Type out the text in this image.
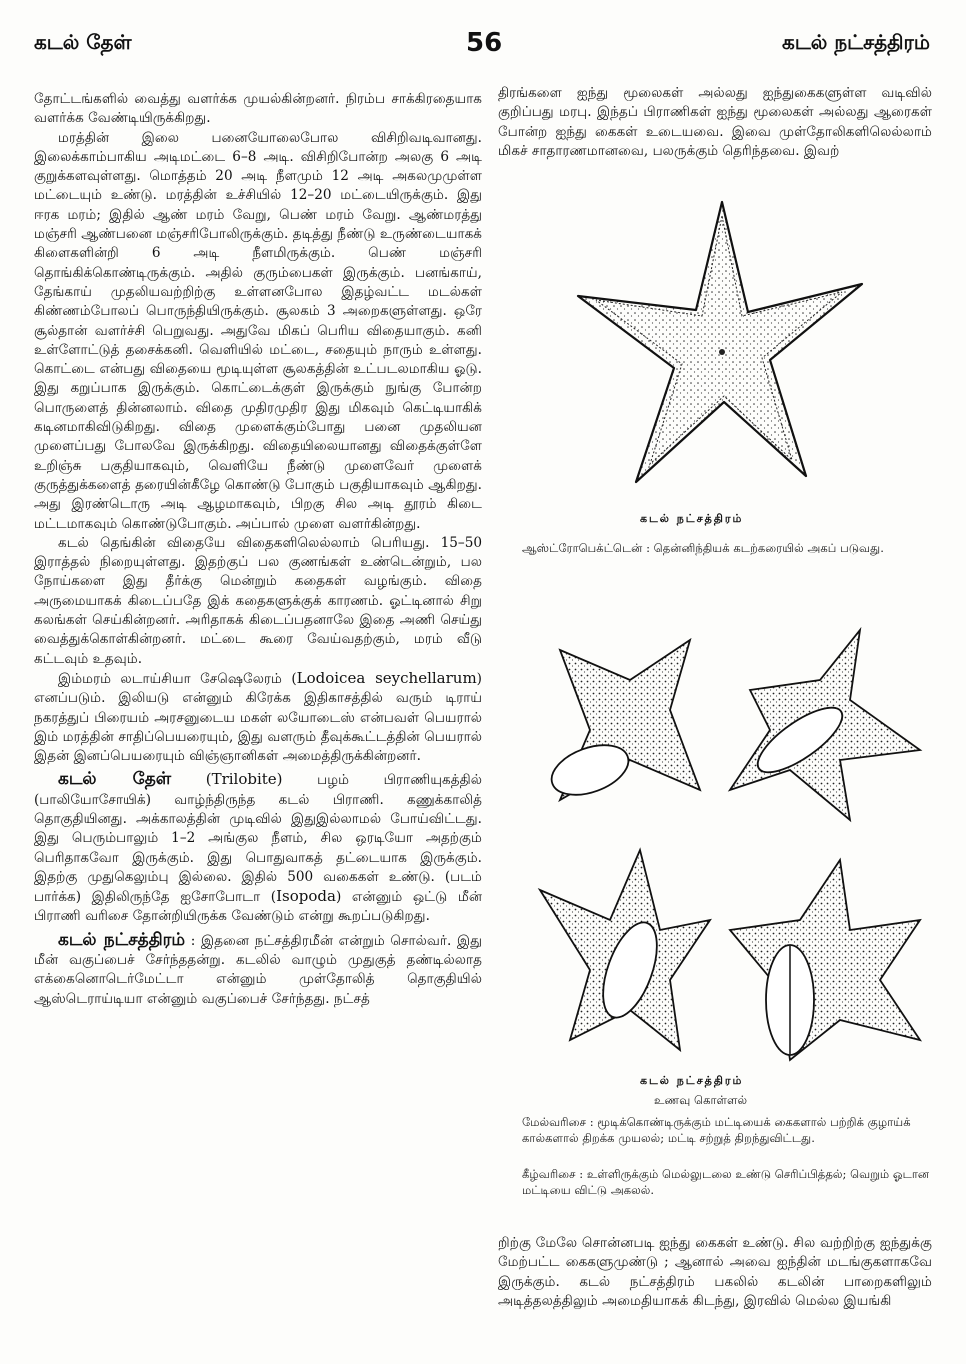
கடல் தேள்	56	கடல் நட்சத்திரம்

தோட்டங்களில் வைத்து வளர்க்க முயல்கின்றனர். நிரம்ப சாக்கிரதையாக வளர்க்க வேண்டியிருக்கிறது.

மரத்தின் இலை பனையோலைபோல விசிறிவடிவானது. இலைக்காம்பாகிய அடிமட்டை 6–8 அடி. விசிறிபோன்ற அலகு 6 அடி குறுக்களவுள்ளது. மொத்தம் 20 அடி நீளமும் 12 அடி அகலமுமுள்ள மட்டையும் உண்டு. மரத்தின் உச்சியில் 12–20 மட்டையிருக்கும். இது ஈரக மரம்; இதில் ஆண் மரம் வேறு, பெண் மரம் வேறு. ஆண்மரத்து மஞ்சரி ஆண்பனை மஞ்சரிபோலிருக்கும். தடித்து நீண்டு உருண்டையாகக் கிளைகளின்றி 6 அடி நீளமிருக்கும். பெண் மஞ்சரி தொங்கிக்கொண்டிருக்கும். அதில் குரும்பைகள் இருக்கும். பனங்காய், தேங்காய் முதலியவற்றிற்கு உள்ளனபோல இதழ்வட்ட மடல்கள் கிண்ணம்போலப் பொருந்தியிருக்கும். சூலகம் 3 அறைகளுள்ளது. ஒரே சூல்தான் வளர்ச்சி பெறுவது. அதுவே மிகப் பெரிய விதையாகும். கனி உள்ளோட்டுத் தசைக்கனி. வெளியில் மட்டை, சதையும் நாரும் உள்ளது. கொட்டை என்பது விதையை மூடியுள்ள சூலகத்தின் உட்படலமாகிய ஓடு. இது கறுப்பாக இருக்கும். கொட்டைக்குள் இருக்கும் நுங்கு போன்ற பொருளைத் தின்னலாம். விதை முதிரமுதிர இது மிகவும் கெட்டியாகிக் கடினமாகிவிடுகிறது. விதை முளைக்கும்போது பனை முதலியன முளைப்பது போலவே இருக்கிறது. விதையிலையானது விதைக்குள்ளே உறிஞ்சு பகுதியாகவும், வெளியே நீண்டு முளைவேர் முளைக் குருத்துக்களைத் தரையின்கீழே கொண்டு போகும் பகுதியாகவும் ஆகிறது. அது இரண்டொரு அடி ஆழமாகவும், பிறகு சில அடி தூரம் கிடை மட்டமாகவும் கொண்டுபோகும். அப்பால் முளை வளர்கின்றது.

கடல் தெங்கின் விதையே விதைகளிலெல்லாம் பெரியது. 15–50 இராத்தல் நிறையுள்ளது. இதற்குப் பல குணங்கள் உண்டென்றும், பல நோய்களை இது தீர்க்கு மென்றும் கதைகள் வழங்கும். விதை அருமையாகக் கிடைப்பதே இக் கதைகளுக்குக் காரணம். ஓட்டினால் சிறு கலங்கள் செய்கின்றனர். அரிதாகக் கிடைப்பதனாலே இதை அணி செய்து வைத்துக்கொள்கின்றனர். மட்டை கூரை வேய்வதற்கும், மரம் வீடு கட்டவும் உதவும்.

இம்மரம் லடாய்சியா சேஷெலேரம் (Lodoicea seychellarum) எனப்படும். இலியடு என்னும் கிரேக்க இதிகாசத்தில் வரும் டிராய் நகரத்துப் பிரையம் அரசனுடைய மகள் லயோடைஸ் என்பவள் பெயரால் இம் மரத்தின் சாதிப்பெயரையும், இது வளரும் தீவுக்கூட்டத்தின் பெயரால் இதன் இனப்பெயரையும் விஞ்ஞானிகள் அமைத்திருக்கின்றனர்.

கடல் தேள் (Trilobite) பழம் பிராணியுகத்தில் (பாலியோசோயிக்) வாழ்ந்திருந்த கடல் பிராணி. கணுக்காலித் தொகுதியினது. அக்காலத்தின் முடிவில் இதுஇல்லாமல் போய்விட்டது. இது பெரும்பாலும் 1–2 அங்குல நீளம், சில ஒரடியோ அதற்கும் பெரிதாகவோ இருக்கும். இது பொதுவாகத் தட்டையாக இருக்கும். இதற்கு முதுகெலும்பு இல்லை. இதில் 500 வகைகள் உண்டு. (படம் பார்க்க) இதிலிருந்தே ஐசோபோடா (Isopoda) என்னும் ஒட்டு மீன் பிராணி வரிசை தோன்றியிருக்க வேண்டும் என்று கூறப்படுகிறது.

கடல் நட்சத்திரம் : இதனை நட்சத்திரமீன் என்றும் சொல்வர். இது மீன் வகுப்பைச் சேர்ந்ததன்று. கடலில் வாழும் முதுகுத் தண்டில்லாத எக்கைனொடெர்மேட்டா என்னும் முள்தோலித் தொகுதியில் ஆஸ்டெராய்டியா என்னும் வகுப்பைச் சேர்ந்தது. நட்சத்

திரங்களை ஐந்து மூலைகள் அல்லது ஐந்துகைகளுள்ள வடிவில் குறிப்பது மரபு. இந்தப் பிராணிகள் ஐந்து மூலைகள் அல்லது ஆரைகள் போன்ற ஐந்து கைகள் உடையவை. இவை முள்தோலிகளிலெல்லாம் மிகச் சாதாரணமானவை, பலருக்கும் தெரிந்தவை. இவற்

கடல் நட்சத்திரம்
ஆஸ்ட்ரோபெக்ட்டென் : தென்னிந்தியக் கடற்கரையில் அகப் படுவது.
கடல் நட்சத்திரம்
உணவு கொள்ளல்
மேல்வரிசை : மூடிக்கொண்டிருக்கும் மட்டியைக் கைகளால் பற்றிக் குழாய்க் கால்களால் திறக்க முயலல்; மட்டி சற்றுத் திறந்துவிட்டது.
கீழ்வரிசை : உள்ளிருக்கும் மெல்லுடலை உண்டு செரிப்பித்தல்; வெறும் ஓடான மட்டியை விட்டு அகலல்.

றிற்கு மேலே சொன்னபடி ஐந்து கைகள் உண்டு. சில வற்றிற்கு ஐந்துக்கு மேற்பட்ட கைகளுமுண்டு ; ஆனால் அவை ஐந்தின் மடங்குகளாகவே இருக்கும். கடல் நட்சத்திரம் பகலில் கடலின் பாறைகளிலும் அடித்தலத்திலும் அமைதியாகக் கிடந்து, இரவில் மெல்ல இயங்கி
